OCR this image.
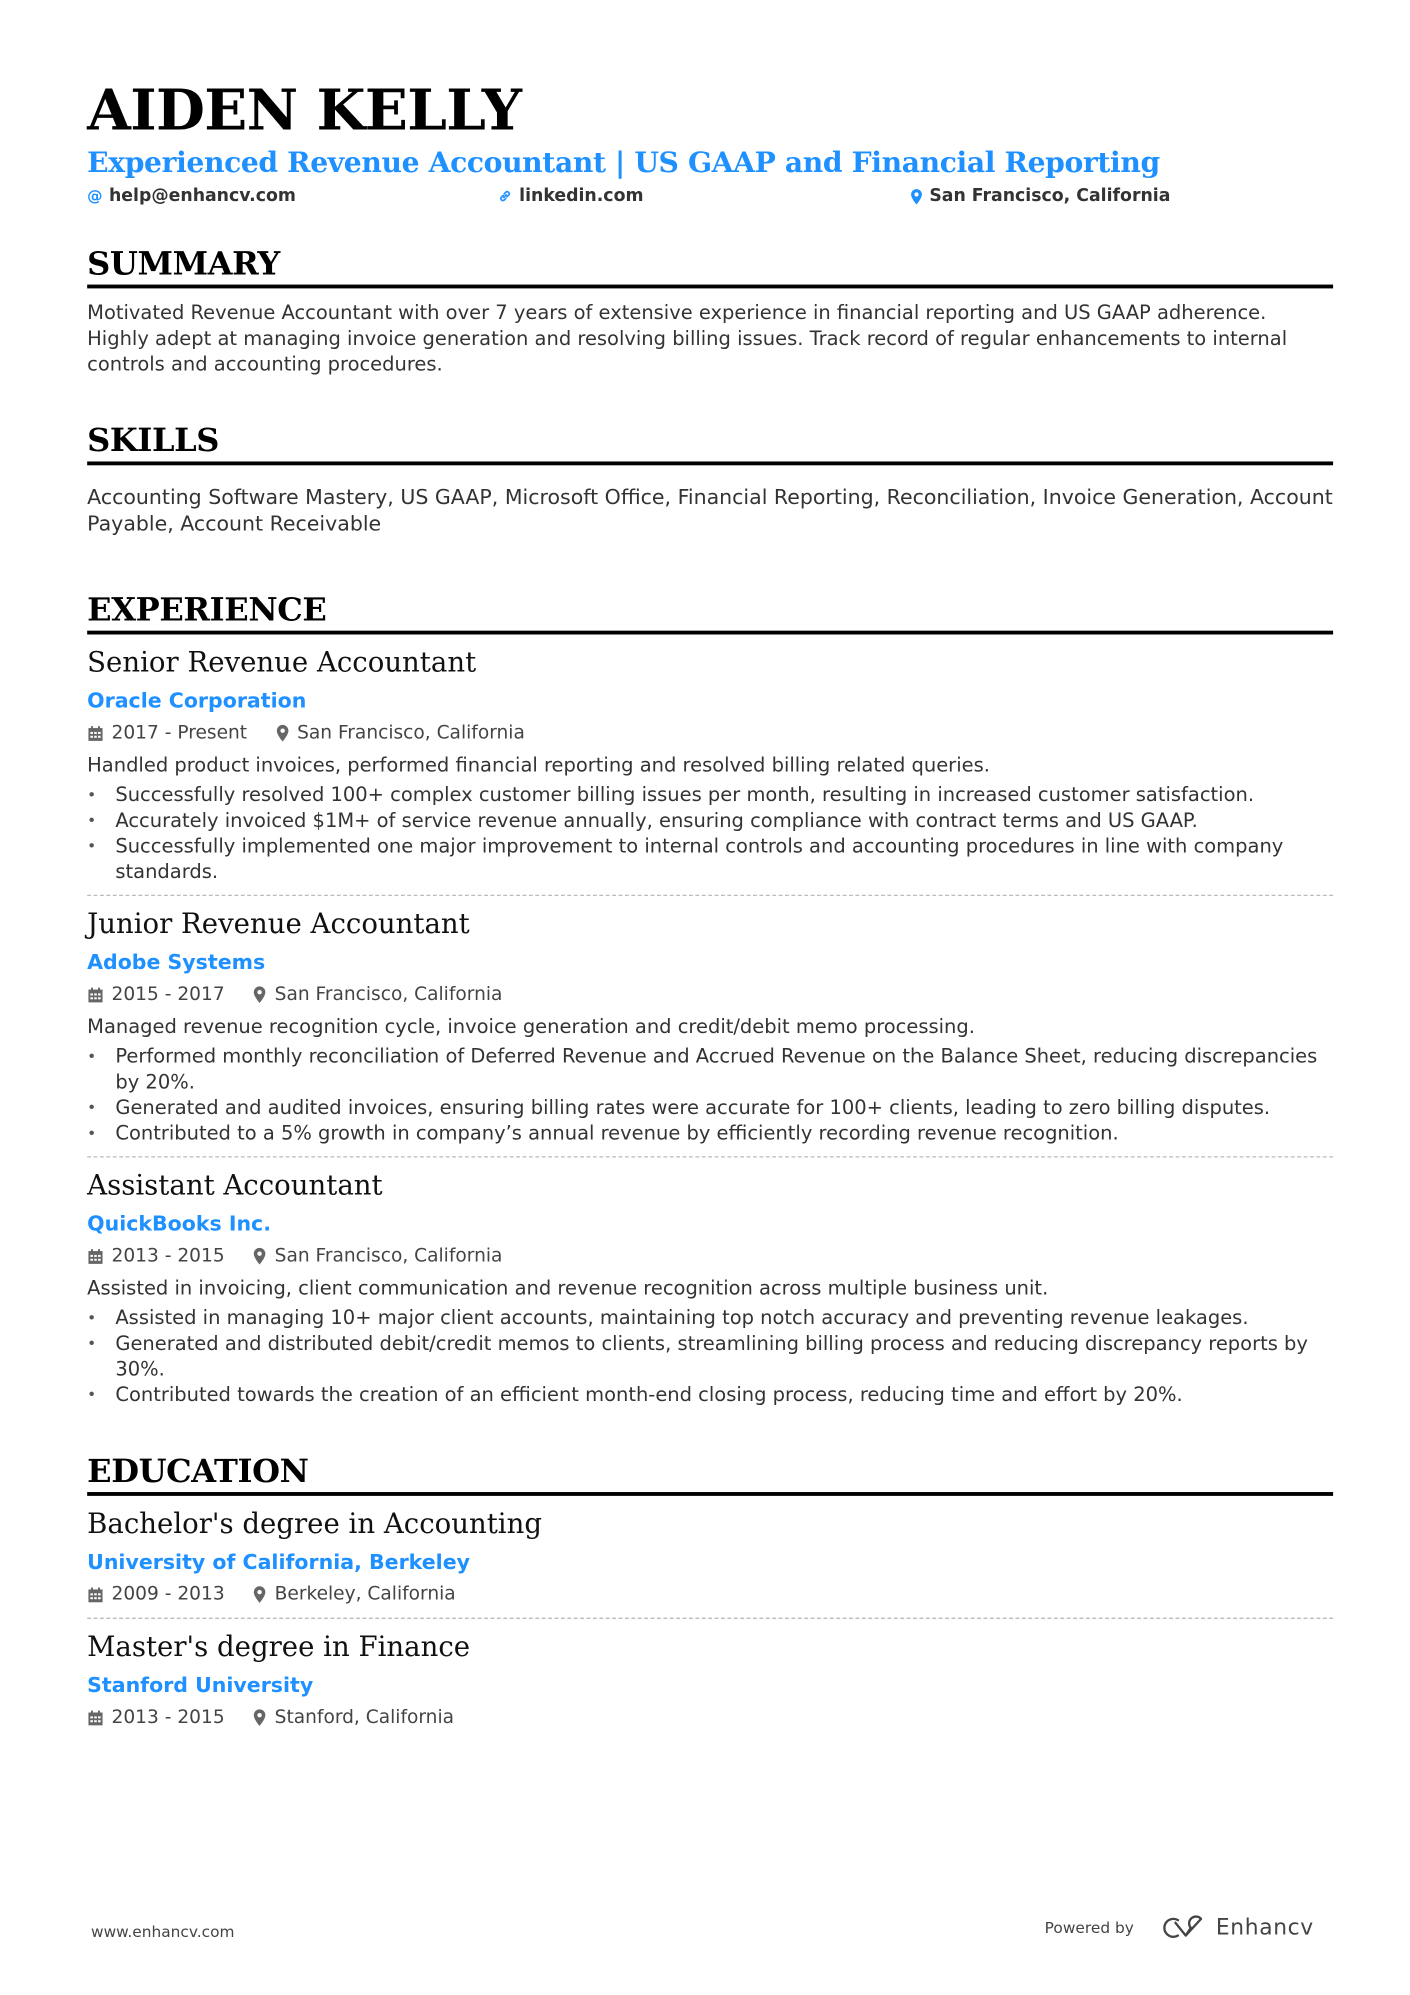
AIDEN KELLY
Experienced Revenue Accountant | US GAAP and Financial Reporting
@ help@enhancv.com	linkedin.com	San Francisco, California
SUMMARY
Motivated Revenue Accountant with over 7 years of extensive experience in financial reporting and US GAAP adherence. Highly adept at managing invoice generation and resolving billing issues. Track record of regular enhancements to internal controls and accounting procedures.
SKILLS
Accounting Software Mastery, US GAAP, Microsoft Office, Financial Reporting, Reconciliation, Invoice Generation, Account Payable, Account Receivable
EXPERIENCE
Senior Revenue Accountant
Oracle Corporation
2017 - Present	San Francisco, California
Handled product invoices, performed financial reporting and resolved billing related queries.
• Successfully resolved 100+ complex customer billing issues per month, resulting in increased customer satisfaction.
• Accurately invoiced $1M+ of service revenue annually, ensuring compliance with contract terms and US GAAP.
• Successfully implemented one major improvement to internal controls and accounting procedures in line with company standards.
Junior Revenue Accountant
Adobe Systems
2015 - 2017	San Francisco, California
Managed revenue recognition cycle, invoice generation and credit/debit memo processing.
• Performed monthly reconciliation of Deferred Revenue and Accrued Revenue on the Balance Sheet, reducing discrepancies by 20%.
• Generated and audited invoices, ensuring billing rates were accurate for 100+ clients, leading to zero billing disputes.
• Contributed to a 5% growth in company’s annual revenue by efficiently recording revenue recognition.
Assistant Accountant
QuickBooks Inc.
2013 - 2015	San Francisco, California
Assisted in invoicing, client communication and revenue recognition across multiple business unit.
• Assisted in managing 10+ major client accounts, maintaining top notch accuracy and preventing revenue leakages.
• Generated and distributed debit/credit memos to clients, streamlining billing process and reducing discrepancy reports by 30%.
• Contributed towards the creation of an efficient month-end closing process, reducing time and effort by 20%.
EDUCATION
Bachelor's degree in Accounting
University of California, Berkeley
2009 - 2013	Berkeley, California
Master's degree in Finance
Stanford University
2013 - 2015	Stanford, California
www.enhancv.com	Powered by	Enhancv
